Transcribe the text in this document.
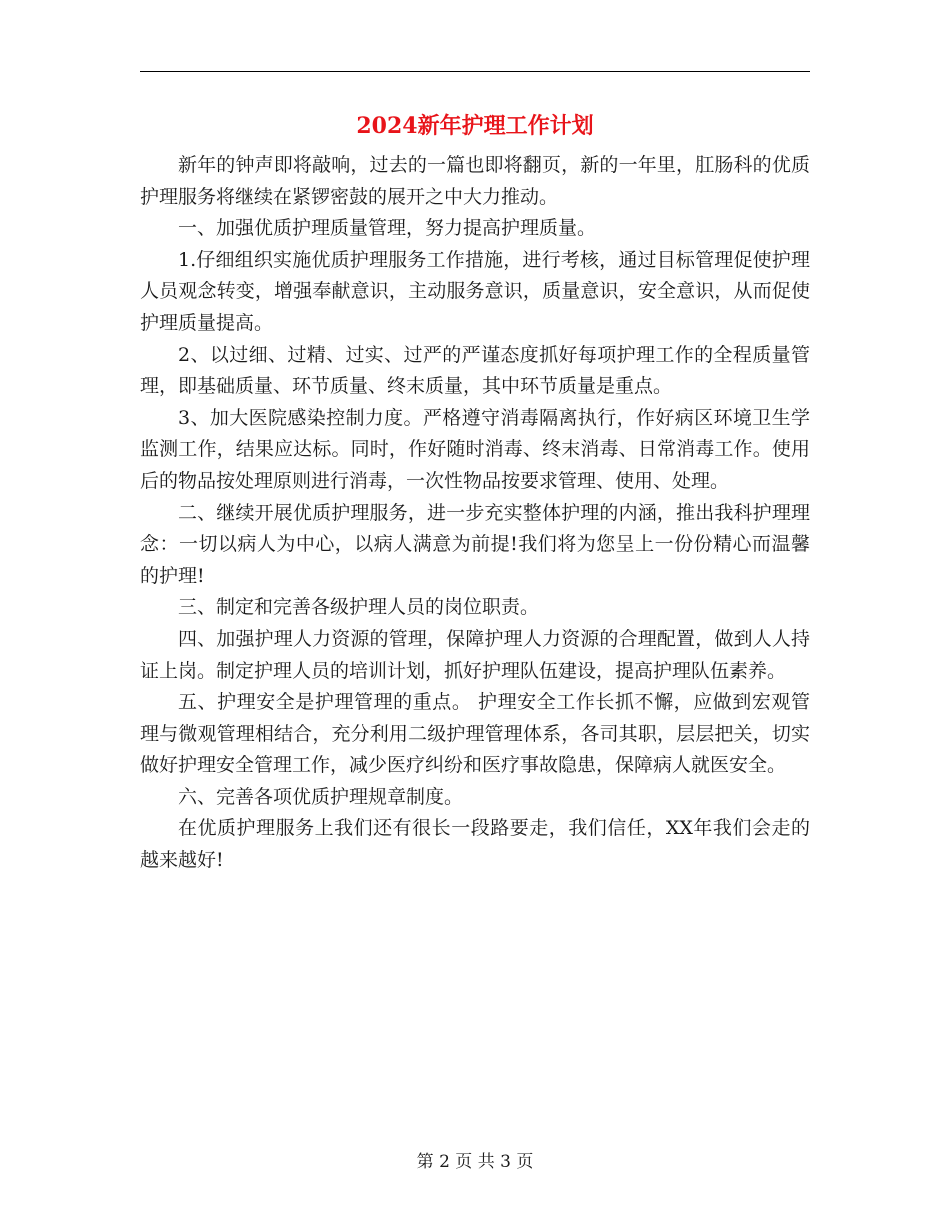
2024新年护理工作计划

新年的钟声即将敲响，过去的一篇也即将翻页，新的一年里，肛肠科的优质护理服务将继续在紧锣密鼓的展开之中大力推动。

一、加强优质护理质量管理，努力提高护理质量。

1.仔细组织实施优质护理服务工作措施，进行考核，通过目标管理促使护理人员观念转变，增强奉献意识，主动服务意识，质量意识，安全意识，从而促使护理质量提高。

2、以过细、过精、过实、过严的严谨态度抓好每项护理工作的全程质量管理，即基础质量、环节质量、终末质量，其中环节质量是重点。

3、加大医院感染控制力度。严格遵守消毒隔离执行，作好病区环境卫生学监测工作，结果应达标。同时，作好随时消毒、终末消毒、日常消毒工作。使用后的物品按处理原则进行消毒，一次性物品按要求管理、使用、处理。

二、继续开展优质护理服务，进一步充实整体护理的内涵，推出我科护理理念：一切以病人为中心，以病人满意为前提!我们将为您呈上一份份精心而温馨的护理!

三、制定和完善各级护理人员的岗位职责。

四、加强护理人力资源的管理，保障护理人力资源的合理配置，做到人人持证上岗。制定护理人员的培训计划，抓好护理队伍建设，提高护理队伍素养。

五、护理安全是护理管理的重点。 护理安全工作长抓不懈，应做到宏观管理与微观管理相结合，充分利用二级护理管理体系，各司其职，层层把关，切实做好护理安全管理工作，减少医疗纠纷和医疗事故隐患，保障病人就医安全。

六、完善各项优质护理规章制度。

在优质护理服务上我们还有很长一段路要走，我们信任，XX年我们会走的越来越好!

第 2 页 共 3 页
